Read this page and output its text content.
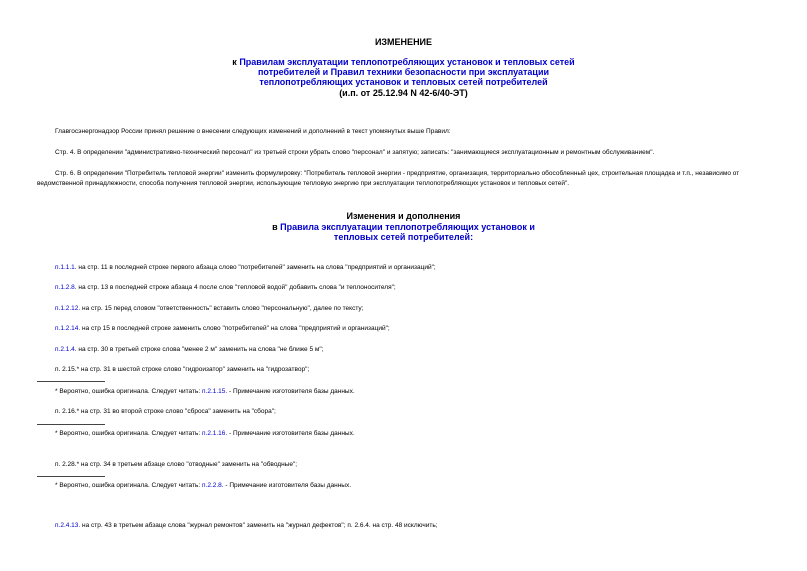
ИЗМЕНЕНИЕ
к Правилам эксплуатации теплопотребляющих установок и тепловых сетей
потребителей и Правил техники безопасности при эксплуатации
теплопотребляющих установок и тепловых сетей потребителей
(и.п. от 25.12.94 N 42-6/40-ЭТ)
Главгосэнергонадзор России принял решение о внесении следующих изменений и дополнений в текст упомянутых выше Правил:
Стр. 4. В определении "административно-технический персонал" из третьей строки убрать слово "персонал" и запятую; записать: "занимающиеся эксплуатационным и ремонтным обслуживанием".
Стр. 6. В определении "Потребитель тепловой энергии" изменить формулировку: "Потребитель тепловой энергии - предприятие, организация, территориально обособленный цех, строительная площадка и т.п., независимо от ведомственной принадлежности, способа получения тепловой энергии, использующие тепловую энергию при эксплуатации теплопотребляющих установок и тепловых сетей".
Изменения и дополнения
в Правила эксплуатации теплопотребляющих установок и
тепловых сетей потребителей:
п.1.1.1. на стр. 11 в последней строке первого абзаца слово "потребителей" заменить на слова "предприятий и организаций";
п.1.2.8. на стр. 13 в последней строке абзаца 4 после слов "тепловой водой" добавить слова "и теплоносителя";
п.1.2.12. на стр. 15 перед словом "ответственность" вставить слово "персональную", далее по тексту;
п.1.2.14. на стр 15 в последней строке заменить слово "потребителей" на слова "предприятий и организаций";
п.2.1.4. на стр. 30 в третьей строке слова "менее 2 м" заменить на слова "не ближе 5 м";
п. 2.15.* на стр. 31 в шестой строке слово "гидроизатор" заменить на "гидрозатвор";
* Вероятно, ошибка оригинала. Следует читать: п.2.1.15. - Примечание изготовителя базы данных.
п. 2.16.* на стр. 31 во второй строке слово "сброса" заменить на "сбора";
* Вероятно, ошибка оригинала. Следует читать: п.2.1.16. - Примечание изготовителя базы данных.
п. 2.28.* на стр. 34 в третьем абзаце слово "отводные" заменить на "обводные";
* Вероятно, ошибка оригинала. Следует читать: п.2.2.8. - Примечание изготовителя базы данных.
п.2.4.13. на стр. 43 в третьем абзаце слова "журнал ремонтов" заменить на "журнал дефектов"; п. 2.6.4. на стр. 48 исключить;
